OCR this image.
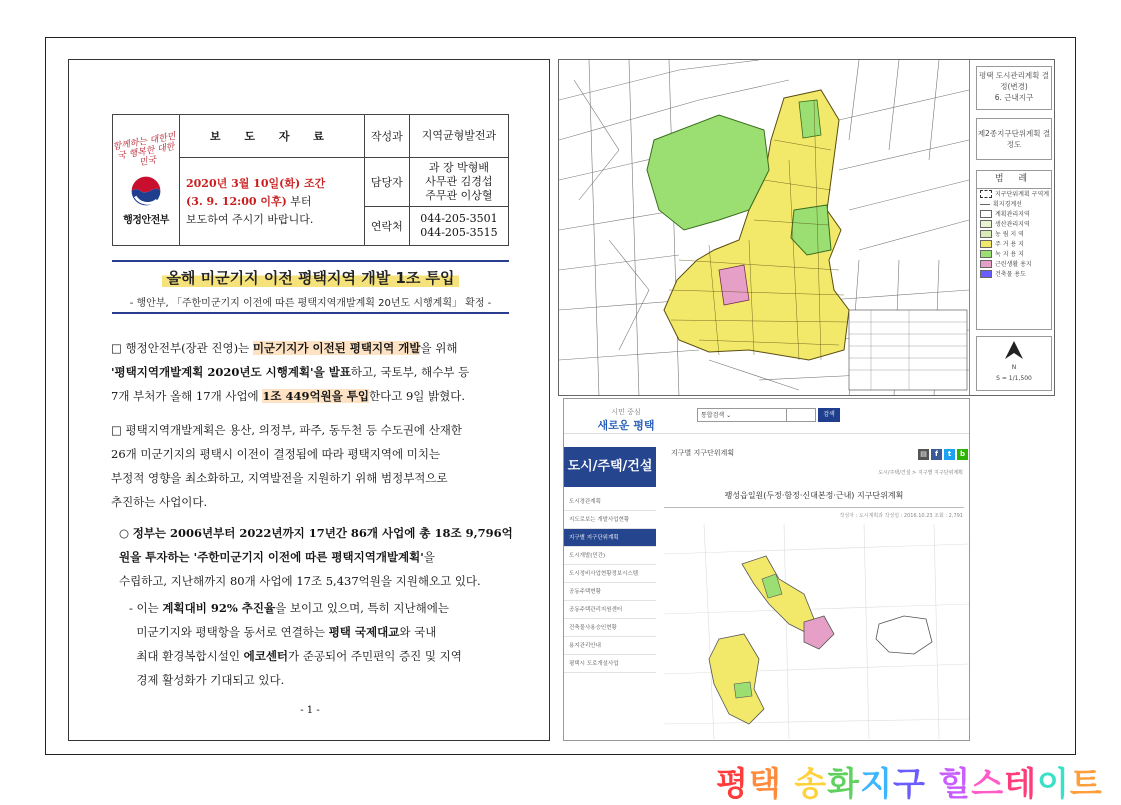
함께하는 대한민국 행복한 대한민국
행정안전부	보 도 자 료	작성과	지역균형발전과
	2020년 3월 10일(화) 조간
(3. 9. 12:00 이후) 부터
보도하여 주시기 바랍니다.	담당자	과 장 박형배
사무관 김경섭
주무관 이상혈
		연락처	044-205-3501
044-205-3515
올해 미군기지 이전 평택지역 개발 1조 투입
- 행안부, 「주한미군기지 이전에 따른 평택지역개발계획 20년도 시행계획」 확정 -
□ 행정안전부(장관 진영)는 미군기지가 이전된 평택지역 개발을 위해
'평택지역개발계획 2020년도 시행계획'을 발표하고, 국토부, 해수부 등
7개 부처가 올해 17개 사업에 1조 449억원을 투입한다고 9일 밝혔다.
□ 평택지역개발계획은 용산, 의정부, 파주, 동두천 등 수도권에 산재한
26개 미군기지의 평택시 이전이 결정됨에 따라 평택지역에 미치는
부정적 영향을 최소화하고, 지역발전을 지원하기 위해 범정부적으로
추진하는 사업이다.
○ 정부는 2006년부터 2022년까지 17년간 86개 사업에 총 18조 9,796억
원을 투자하는 '주한미군기지 이전에 따른 평택지역개발계획'을
수립하고, 지난해까지 80개 사업에 17조 5,437억원을 지원해오고 있다.
- 이는 계획대비 92% 추진율을 보이고 있으며, 특히 지난해에는
미군기지와 평택항을 동서로 연결하는 평택 국제대교와 국내
최대 환경복합시설인 에코센터가 준공되어 주민편익 증진 및 지역
경제 활성화가 기대되고 있다.
- 1 -
평택 도시관리계획 결정(변경)
6. 근내지구
제2종지구단위계획 결정도
범 례
지구단위계획 구역계
획지경계선
계획관리지역
생산관리지역
농 림 지 역
주 거 용 지
녹 지 용 지
근린생활 용지
건축물 용도
N
S = 1/1,500
시민 중심
새로운 평택
통합검색 ⌄	검색
도시/주택/건설
도시경관계획
지도로보는 개발사업현황
지구별 지구단위계획
도시개발(민간)
도시정비사업현황정보시스템
공동주택현황
공동주택관리지원센터
건축물사용승인현황
용지관리안내
평택시 도로개설사업
지구별 지구단위계획	▤	f	t	b
도시/주택/건설 > 지구별 지구단위계획
팽성읍일원(두정·함정·신대본정·근내) 지구단위계획
작성자 : 도시계획과 작성일 : 2016.10.23 조회 : 2,791
평택 송화지구 힐스테이트
